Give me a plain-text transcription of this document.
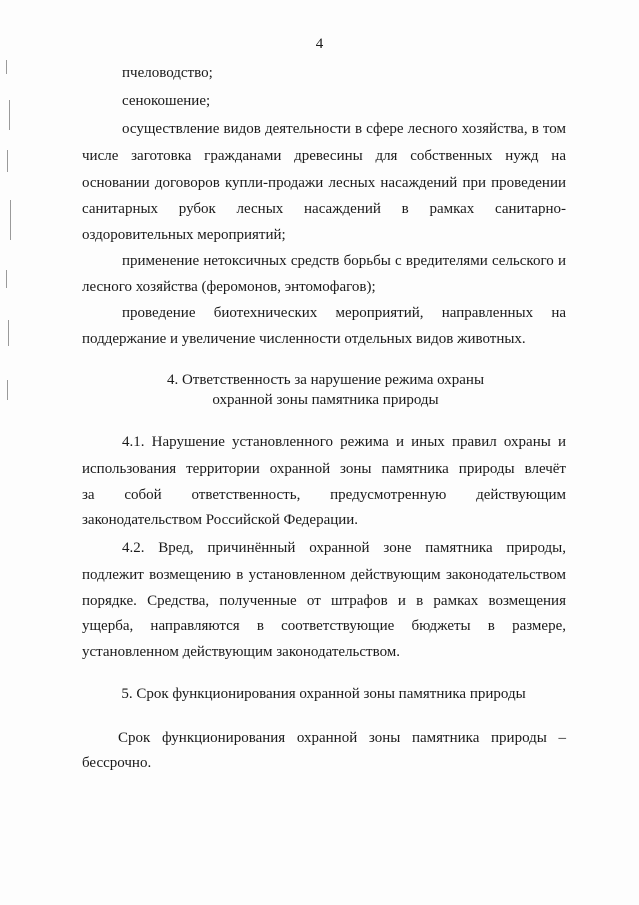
4

пчеловодство;

сенокошение;

осуществление видов деятельности в сфере лесного хозяйства, в том

числе заготовка гражданами древесины для собственных нужд на

основании договоров купли-продажи лесных насаждений при проведении

санитарных рубок лесных насаждений в рамках санитарно-

оздоровительных мероприятий;

применение нетоксичных средств борьбы с вредителями сельского и

лесного хозяйства (феромонов, энтомофагов);

проведение биотехнических мероприятий, направленных на

поддержание и увеличение численности отдельных видов животных.

4. Ответственность за нарушение режима охраны
охранной зоны памятника природы

4.1. Нарушение установленного режима и иных правил охраны и

использования территории охранной зоны памятника природы влечёт

за собой ответственность, предусмотренную действующим

законодательством Российской Федерации.

4.2. Вред, причинённый охранной зоне памятника природы,

подлежит возмещению в установленном действующим законодательством

порядке. Средства, полученные от штрафов и в рамках возмещения

ущерба, направляются в соответствующие бюджеты в размере,

установленном действующим законодательством.

5. Срок функционирования охранной зоны памятника природы

Срок функционирования охранной зоны памятника природы –

бессрочно.
